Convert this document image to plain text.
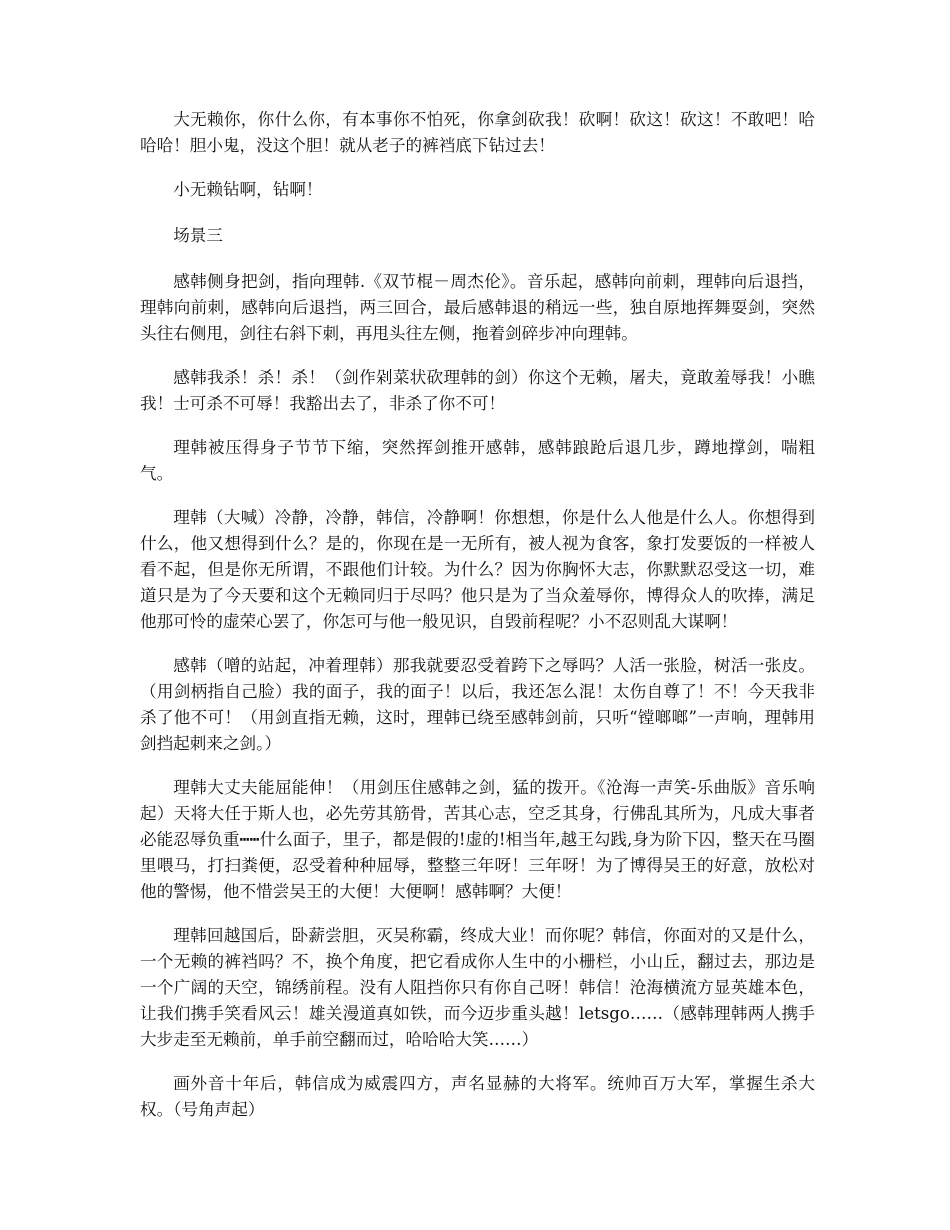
大无赖你，你什么你，有本事你不怕死，你拿剑砍我！砍啊！砍这！砍这！不敢吧！哈哈哈！胆小鬼，没这个胆！就从老子的裤裆底下钻过去！

小无赖钻啊，钻啊！

场景三

感韩侧身把剑，指向理韩.《双节棍－周杰伦》。音乐起，感韩向前刺，理韩向后退挡，理韩向前刺，感韩向后退挡，两三回合，最后感韩退的稍远一些，独自原地挥舞耍剑，突然头往右侧甩，剑往右斜下刺，再甩头往左侧，拖着剑碎步冲向理韩。

感韩我杀！杀！杀！（剑作剁菜状砍理韩的剑）你这个无赖，屠夫，竟敢羞辱我！小瞧我！士可杀不可辱！我豁出去了，非杀了你不可！

理韩被压得身子节节下缩，突然挥剑推开感韩，感韩踉跄后退几步，蹲地撑剑，喘粗气。

理韩（大喊）冷静，冷静，韩信，冷静啊！你想想，你是什么人他是什么人。你想得到什么，他又想得到什么？是的，你现在是一无所有，被人视为食客，象打发要饭的一样被人看不起，但是你无所谓，不跟他们计较。为什么？因为你胸怀大志，你默默忍受这一切，难道只是为了今天要和这个无赖同归于尽吗？他只是为了当众羞辱你，博得众人的吹捧，满足他那可怜的虚荣心罢了，你怎可与他一般见识，自毁前程呢？小不忍则乱大谋啊！

感韩（噌的站起，冲着理韩）那我就要忍受着跨下之辱吗？人活一张脸，树活一张皮。（用剑柄指自己脸）我的面子，我的面子！以后，我还怎么混！太伤自尊了！不！今天我非杀了他不可！（用剑直指无赖，这时，理韩已绕至感韩剑前，只听“镗啷啷”一声响，理韩用剑挡起刺来之剑。）

理韩大丈夫能屈能伸！（用剑压住感韩之剑，猛的拨开。《沧海一声笑-乐曲版》音乐响起）天将大任于斯人也，必先劳其筋骨，苦其心志，空乏其身，行佛乱其所为，凡成大事者必能忍辱负重┅┅什么面子，里子，都是假的!虚的!相当年,越王勾践,身为阶下囚，整天在马圈里喂马，打扫粪便，忍受着种种屈辱，整整三年呀！三年呀！为了博得吴王的好意，放松对他的警惕，他不惜尝吴王的大便！大便啊！感韩啊？大便！

理韩回越国后，卧薪尝胆，灭吴称霸，终成大业！而你呢？韩信，你面对的又是什么，一个无赖的裤裆吗？不，换个角度，把它看成你人生中的小栅栏，小山丘，翻过去，那边是一个广阔的天空，锦绣前程。没有人阻挡你只有你自己呀！韩信！沧海横流方显英雄本色，让我们携手笑看风云！雄关漫道真如铁，而今迈步重头越！letsgo……（感韩理韩两人携手大步走至无赖前，单手前空翻而过，哈哈哈大笑……）

画外音十年后，韩信成为威震四方，声名显赫的大将军。统帅百万大军，掌握生杀大权。（号角声起）
